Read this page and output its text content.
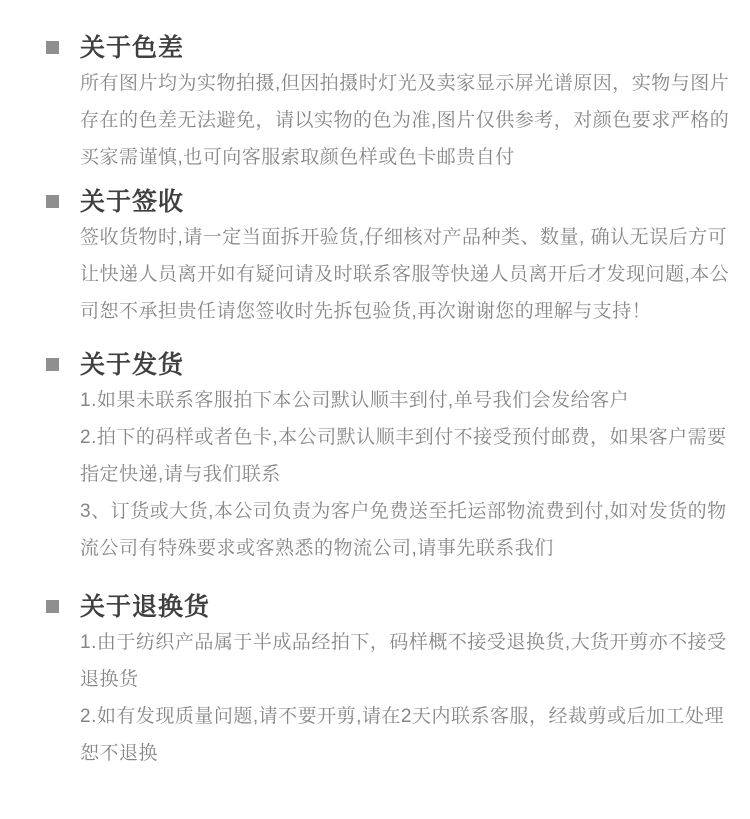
关于色差
所有图片均为实物拍摄,但因拍摄时灯光及卖家显示屏光谱原因，实物与图片
存在的色差无法避免，请以实物的色为准,图片仅供参考，对颜色要求严格的
买家需谨慎,也可向客服索取颜色样或色卡邮贵自付
关于签收
签收货物时,请一定当面拆开验货,仔细核对产品种类、数量, 确认无误后方可
让快递人员离开如有疑问请及时联系客服等快递人员离开后才发现问题,本公
司恕不承担贵任请您签收时先拆包验货,再次谢谢您的理解与支持！
关于发货
1.如果未联系客服拍下本公司默认顺丰到付,单号我们会发给客户
2.拍下的码样或者色卡,本公司默认顺丰到付不接受预付邮费，如果客户需要
指定快递,请与我们联系
3、订货或大货,本公司负责为客户免费送至托运部物流费到付,如对发货的物
流公司有特殊要求或客熟悉的物流公司,请事先联系我们
关于退换货
1.由于纺织产品属于半成品经拍下，码样概不接受退换货,大货开剪亦不接受
退换货
2.如有发现质量问题,请不要开剪,请在2天内联系客服，经裁剪或后加工处理
恕不退换
